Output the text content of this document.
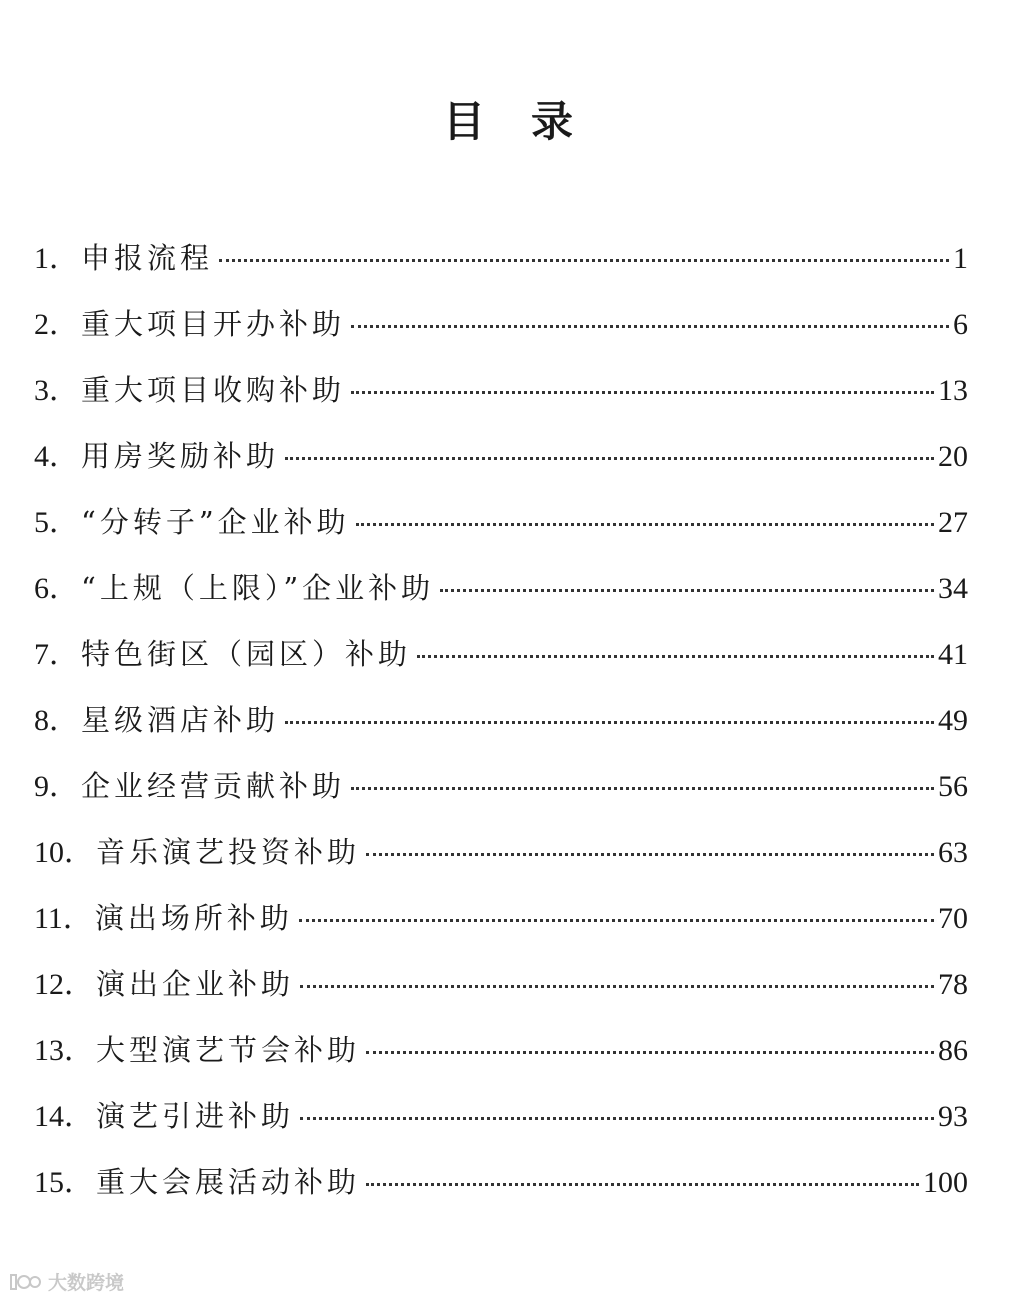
目录
1． 申报流程	1
2． 重大项目开办补助	6
3． 重大项目收购补助	13
4． 用房奖励补助	20
5． “分转子”企业补助	27
6． “上规（上限）”企业补助	34
7． 特色街区（园区）补助	41
8． 星级酒店补助	49
9． 企业经营贡献补助	56
10． 音乐演艺投资补助	63
11． 演出场所补助	70
12． 演出企业补助	78
13． 大型演艺节会补助	86
14． 演艺引进补助	93
15． 重大会展活动补助	100
大数跨境
